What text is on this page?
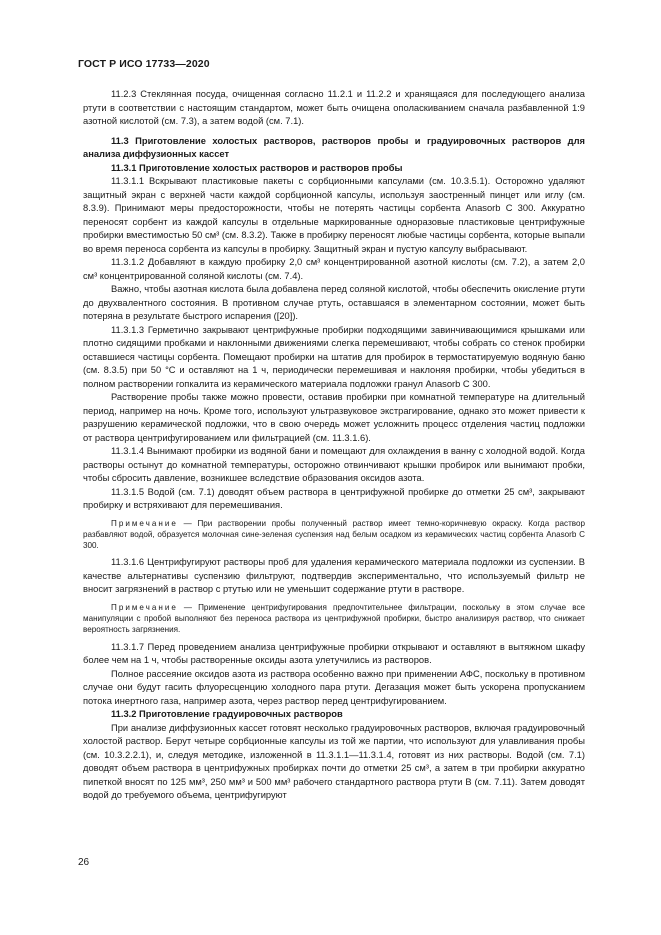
ГОСТ Р ИСО 17733—2020

11.2.3 Стеклянная посуда, очищенная согласно 11.2.1 и 11.2.2 и хранящаяся для последующего анализа ртути в соответствии с настоящим стандартом, может быть очищена ополаскиванием сначала разбавленной 1:9 азотной кислотой (см. 7.3), а затем водой (см. 7.1).

11.3 Приготовление холостых растворов, растворов пробы и градуировочных растворов для анализа диффузионных кассет

11.3.1 Приготовление холостых растворов и растворов пробы

11.3.1.1 Вскрывают пластиковые пакеты с сорбционными капсулами (см. 10.3.5.1). Осторожно удаляют защитный экран с верхней части каждой сорбционной капсулы, используя заостренный пинцет или иглу (см. 8.3.9). Принимают меры предосторожности, чтобы не потерять частицы сорбента Anasorb С 300. Аккуратно переносят сорбент из каждой капсулы в отдельные маркированные одноразовые пластиковые центрифужные пробирки вместимостью 50 см³ (см. 8.3.2). Также в пробирку переносят любые частицы сорбента, которые выпали во время переноса сорбента из капсулы в пробирку. Защитный экран и пустую капсулу выбрасывают.

11.3.1.2 Добавляют в каждую пробирку 2,0 см³ концентрированной азотной кислоты (см. 7.2), а затем 2,0 см³ концентрированной соляной кислоты (см. 7.4).

Важно, чтобы азотная кислота была добавлена перед соляной кислотой, чтобы обеспечить окисление ртути до двухвалентного состояния. В противном случае ртуть, оставшаяся в элементарном состоянии, может быть потеряна в результате быстрого испарения ([20]).

11.3.1.3 Герметично закрывают центрифужные пробирки подходящими завинчивающимися крышками или плотно сидящими пробками и наклонными движениями слегка перемешивают, чтобы собрать со стенок пробирки оставшиеся частицы сорбента. Помещают пробирки на штатив для пробирок в термостатируемую водяную баню (см. 8.3.5) при 50 °С и оставляют на 1 ч, периодически перемешивая и наклоняя пробирки, чтобы убедиться в полном растворении гопкалита из керамического материала подложки гранул Anasorb С 300.

Растворение пробы также можно провести, оставив пробирки при комнатной температуре на длительный период, например на ночь. Кроме того, используют ультразвуковое экстрагирование, однако это может привести к разрушению керамической подложки, что в свою очередь может усложнить процесс отделения частиц подложки от раствора центрифугированием или фильтрацией (см. 11.3.1.6).

11.3.1.4 Вынимают пробирки из водяной бани и помещают для охлаждения в ванну с холодной водой. Когда растворы остынут до комнатной температуры, осторожно отвинчивают крышки пробирок или вынимают пробки, чтобы сбросить давление, возникшее вследствие образования оксидов азота.

11.3.1.5 Водой (см. 7.1) доводят объем раствора в центрифужной пробирке до отметки 25 см³, закрывают пробирку и встряхивают для перемешивания.

Примечание — При растворении пробы полученный раствор имеет темно-коричневую окраску. Когда раствор разбавляют водой, образуется молочная сине-зеленая суспензия над белым осадком из керамических частиц сорбента Anasorb С 300.

11.3.1.6 Центрифугируют растворы проб для удаления керамического материала подложки из суспензии. В качестве альтернативы суспензию фильтруют, подтвердив экспериментально, что используемый фильтр не вносит загрязнений в раствор с ртутью или не уменьшит содержание ртути в растворе.

Примечание — Применение центрифугирования предпочтительнее фильтрации, поскольку в этом случае все манипуляции с пробой выполняют без переноса раствора из центрифужной пробирки, быстро анализируя раствор, что снижает вероятность загрязнения.

11.3.1.7 Перед проведением анализа центрифужные пробирки открывают и оставляют в вытяжном шкафу более чем на 1 ч, чтобы растворенные оксиды азота улетучились из растворов.

Полное рассеяние оксидов азота из раствора особенно важно при применении АФС, поскольку в противном случае они будут гасить флуоресценцию холодного пара ртути. Дегазация может быть ускорена пропусканием потока инертного газа, например азота, через раствор перед центрифугированием.

11.3.2 Приготовление градуировочных растворов

При анализе диффузионных кассет готовят несколько градуировочных растворов, включая градуировочный холостой раствор. Берут четыре сорбционные капсулы из той же партии, что используют для улавливания пробы (см. 10.3.2.2.1), и, следуя методике, изложенной в 11.3.1.1—11.3.1.4, готовят из них растворы. Водой (см. 7.1) доводят объем раствора в центрифужных пробирках почти до отметки 25 см³, а затем в три пробирки аккуратно пипеткой вносят по 125 мм³, 250 мм³ и 500 мм³ рабочего стандартного раствора ртути В (см. 7.11). Затем доводят водой до требуемого объема, центрифугируют

26
